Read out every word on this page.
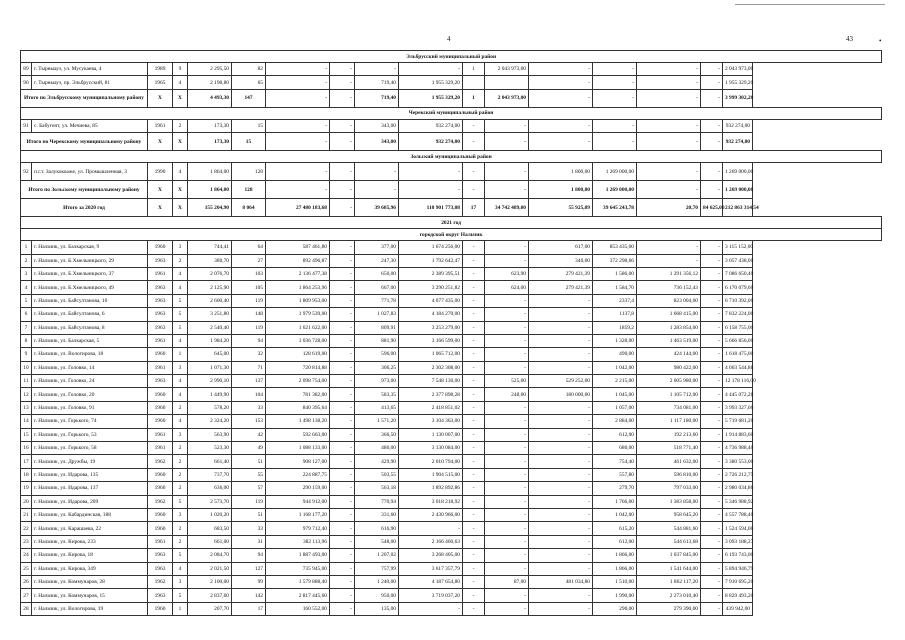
4	43	•
Эльбрусский муниципальный район																
89	г. Тырныауз, ул. Мусукаева, 4	1989	9	2 295,50	82	-	-	-	-	1	2 043 973,00	-	-	-	-	2 043 973,00
90	г. Тырныауз, пр. Эльбрусский, 81	1965	4	2 198,80	65	-	-	719,40	1 955 329,20			-	-	-	-	1 955 329,20
Итого по Эльбрусскому муниципальному району		X	X	4 493,30	147	-	-	719,40	1 955 329,20	1	2 043 973,00	-	-	-	-	3 999 302,20
Черекский муниципальный район																
91	с. Бабугент, ул. Мечиева, 85	1961	2	173,30	15	-	-	343,00	932 274,00	-	-	-	-	-	-	932 274,00
Итого по Черекскому муниципальному району		X	X	173,30	15	-	-	343,00	932 274,00	-	-	-	-	-	-	932 274,00
Зольский муниципальный район																
92	п.г.т. Залукокоаже, ул. Промышленная, 3	1990	4	1 864,00	128	-	-	-	-	-	-	1 800,00	1 269 000,00	-	-	1 269 000,00
Итого по Зольскому муниципальному району		X	X	1 864,00	128	-	-	-	-	-	-	1 800,00	1 269 000,00	-	-	1 269 000,00
Итого за 2020 год		X	X	155 204,90	8 064	27 480 183,68	-	39 685,96	110 901 773,08	17	34 742 489,00	55 925,09	39 645 243,78	20,70	84 625,00	212 863 314,54
2021 год																
городской округ Нальчик																
1	г. Нальчик, ул. Балкарская, 9	1960	3	744,41	64	587 461,80	-	377,00	1 674 256,00	-	-	617,00	853 435,00	-	-	3 115 152,00
2	г. Нальчик, ул. Б.Хмельницкого, 29	1963	2	380,70	27	892 496,87	-	247,30	1 792 642,47	-	-	340,00	372 298,66	-	-	3 057 438,00
3	г. Нальчик, ул. Б.Хмельницкого, 37	1961	4	2 076,70	103	2 136 477,38	-	650,00	2 389 395,51	-	623,90	279 421,39	1 586,00	1 291 356,12	-	7 086 650,40
4	г. Нальчик, ул. Б.Хмельницкого, 49	1963	4	2 125,90	105	1 864 253,96	-	667,00	3 290 251,82	-	624,00	279 421,39	1 584,70	736 152,43	-	6 170 079,60
5	г. Нальчик, ул. Байсултанова, 10	1963	5	2 600,40	119	1 809 953,00	-	771,78	4 077 435,00	-	-	-	2337,4	823 004,00	-	6 710 392,00
6	г. Нальчик, ул. Байсултанова, 6	1963	5	3 251,80	148	1 979 539,00	-	1 027,83	4 184 270,00	-	-	-	1137,8	1 668 415,00	-	7 832 224,00
7	г. Нальчик, ул. Байсултанова, 8	1963	5	2 540,40	119	1 621 622,00	-	809,91	3 253 279,00	-	-	-	1859,2	1 283 854,00	-	6 158 755,00
8	г. Нальчик, ул. Балкарская, 5	1961	4	1 984,20	94	1 036 728,00	-	881,90	3 166 599,00	-	-	-	1 328,00	1 463 519,00	-	5 666 856,00
9	г. Нальчик, ул. Вологирова, 18	1960	1	645,00	32	128 619,00	-	596,00	1 065 712,00	-	-	-	490,00	424 144,00	-	1 618 475,00
10	г. Нальчик, ул. Головко, 14	1961	3	1 071,30	71	720 814,88	-	306,25	2 302 308,00	-	-	-	1 042,00	980 422,00	-	4 003 544,88
11	г. Нальчик, ул. Головко, 24	1963	4	2 990,10	137	2 098 754,00	-	973,00	7 548 130,00	-	525,00	529 252,00	2 215,00	2 005 980,00	-	12 178 116,00
12	г. Нальчик, ул. Головко, 20	1960	4	1 449,90	104	781 382,00	-	583,35	2 377 898,28	-	248,00	180 000,00	1 045,00	1 105 712,00	-	4 445 072,28
13	г. Нальчик, ул. Головко, 91	1960	2	578,20	33	840 395,64	-	413,65	2 418 851,02	-	-	-	1 057,00	734 081,00	-	3 993 327,66
14	г. Нальчик, ул. Горького, 74	1960	4	2 324,20	153	1 498 138,20	-	1 571,20	3 104 363,00	-	-	-	2 884,00	1 117 180,00	-	5 719 681,20
15	г. Нальчик, ул. Горького, 53	1961	3	563,90	42	592 663,00	-	366,50	1 130 007,00	-	-	-	612,00	192 213,60	-	1 914 883,60
16	г. Нальчик, ул. Горького, 58	1961	2	523,30	49	1 088 133,00	-	480,00	3 130 084,00	-	-	-	680,00	518 771,40	-	4 736 988,40
17	г. Нальчик, ул. Дружбы, 19	1962	2	661,40	51	908 127,00	-	429,90	2 010 794,00	-	-	-	754,40	461 632,00	-	3 380 553,00
18	г. Нальчик, ул. Идарова, 135	1960	2	737,70	55	224 887,75	-	503,55	1 904 515,00	-	-	-	557,80	596 810,00	-	2 726 212,75
19	г. Нальчик, ул. Идарова, 137	1960	2	636,00	57	290 159,00	-	563,18	1 892 892,86	-	-	-	279,70	797 033,00	-	2 980 034,86
20	г. Нальчик, ул. Идарова, 209	1962	5	2 573,70	119	944 912,00	-	770,94	3 018 218,92	-	-	-	1 766,00	1 383 858,00	-	5 346 988,92
21	г. Нальчик, ул. Кабардинская, 188	1960	3	1 020,20	51	1 168 177,20	-	331,60	2 430 966,00	-	-	-	1 042,00	958 645,20	-	4 557 788,40
22	г. Нальчик, ул. Карашаева, 22	1960	2	683,50	33	979 712,40	-	616,90	-	-	-	-	615,20	544 881,60	-	1 524 594,00
23	г. Нальчик, ул. Кирова, 233	1961	2	661,00	31	382 113,96	-	548,00	2 166 460,63	-	-	-	612,00	544 613,68	-	3 093 188,27
24	г. Нальчик, ул. Кирова, 18	1963	5	2 084,70	94	1 887 493,00	-	1 207,02	3 268 405,00	-	-	-	1 866,00	1 037 845,00	-	6 193 743,00
25	г. Нальчик, ул. Кирова, 349	1963	4	2 021,50	127	735 945,00	-	757,99	3 617 357,79	-	-	-	1 866,00	1 541 644,00	-	5 894 946,79
26	г. Нальчик, ул. Коммунаров, 28	1962	3	2 100,00	99	1 579 888,40	-	1 240,00	4 187 654,80	-	87,00	481 034,80	1 510,00	1 862 117,20	-	7 910 695,20
27	г. Нальчик, ул. Коммунаров, 15	1963	5	2 837,60	142	2 817 445,60	-	950,00	3 719 037,20	-	-	-	1 990,00	2 273 010,40	-	8 829 493,20
28	г. Нальчик, ул. Вологирова, 19	1960	1	207,70	17	160 552,00	-	135,00	-	-	-	-	290,00	279 390,00	-	439 942,00
